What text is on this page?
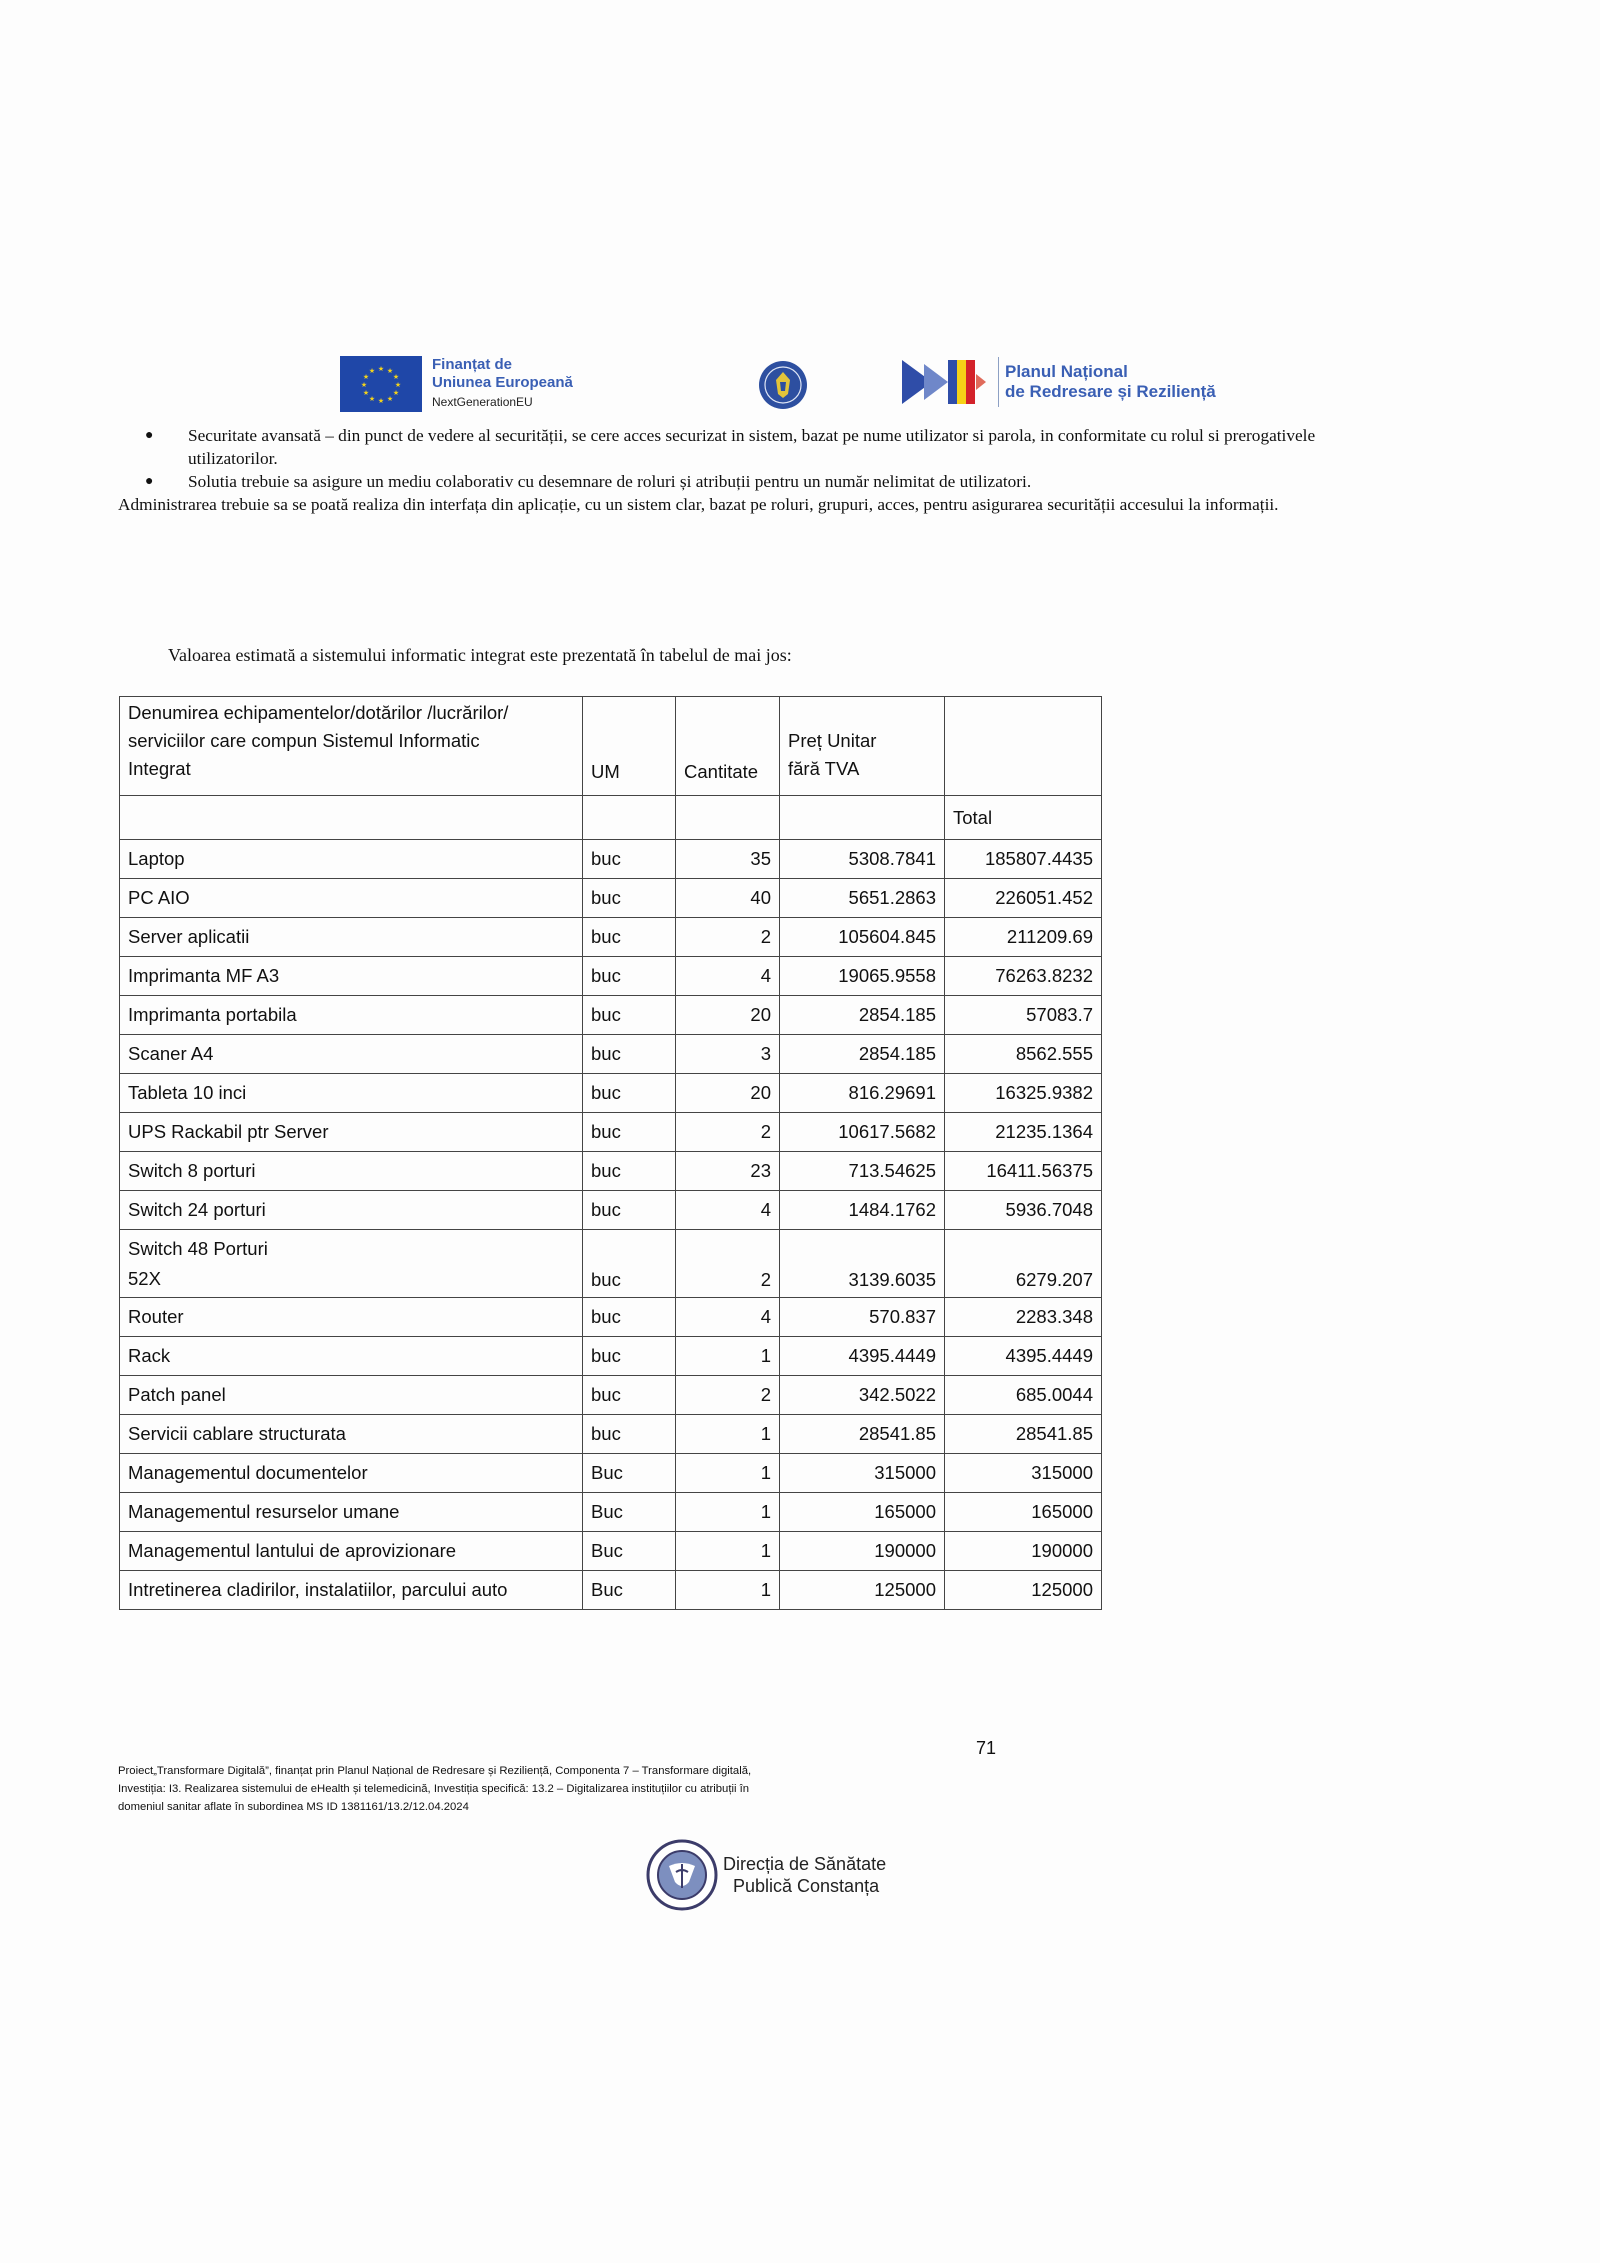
★ ★
★
★
★
★
★
★
★
★
★
★	Finanțat de
Uniunea Europeană
NextGenerationEU
Planul Național
de Redresare și Reziliență
● Securitate avansată – din punct de vedere al securității, se cere acces securizat in sistem, bazat pe nume utilizator si parola, in conformitate cu rolul si prerogativele utilizatorilor.
● Solutia trebuie sa asigure un mediu colaborativ cu desemnare de roluri și atribuții pentru un număr nelimitat de utilizatori.

Administrarea trebuie sa se poată realiza din interfața din aplicație, cu un sistem clar, bazat pe roluri, grupuri, acces, pentru asigurarea securității accesului la informații.

Valoarea estimată a sistemului informatic integrat este prezentată în tabelul de mai jos:
Denumirea echipamentelor/dotărilor /lucrărilor/
serviciilor care compun Sistemul Informatic
Integrat	UM	Cantitate	Preț Unitar
fără TVA	
				Total
Laptop	buc	35	5308.7841	185807.4435
PC AIO	buc	40	5651.2863	226051.452
Server aplicatii	buc	2	105604.845	211209.69
Imprimanta MF A3	buc	4	19065.9558	76263.8232
Imprimanta portabila	buc	20	2854.185	57083.7
Scaner A4	buc	3	2854.185	8562.555
Tableta 10 inci	buc	20	816.29691	16325.9382
UPS Rackabil ptr Server	buc	2	10617.5682	21235.1364
Switch 8 porturi	buc	23	713.54625	16411.56375
Switch 24 porturi	buc	4	1484.1762	5936.7048
Switch 48 Porturi
52X	buc	2	3139.6035	6279.207
Router	buc	4	570.837	2283.348
Rack	buc	1	4395.4449	4395.4449
Patch panel	buc	2	342.5022	685.0044
Servicii cablare structurata	buc	1	28541.85	28541.85
Managementul documentelor	Buc	1	315000	315000
Managementul resurselor umane	Buc	1	165000	165000
Managementul lantului de aprovizionare	Buc	1	190000	190000
Intretinerea cladirilor, instalatiilor, parcului auto	Buc	1	125000	125000
71
Proiect„Transformare Digitală”, finanțat prin Planul Național de Redresare și Reziliență, Componenta 7 – Transformare digitală,
Investiția: I3. Realizarea sistemului de eHealth și telemedicină, Investiția specifică: 13.2 – Digitalizarea instituțiilor cu atribuții în
domeniul sanitar aflate în subordinea MS ID 1381161/13.2/12.04.2024
Direcția de Sănătate
Publică Constanța
